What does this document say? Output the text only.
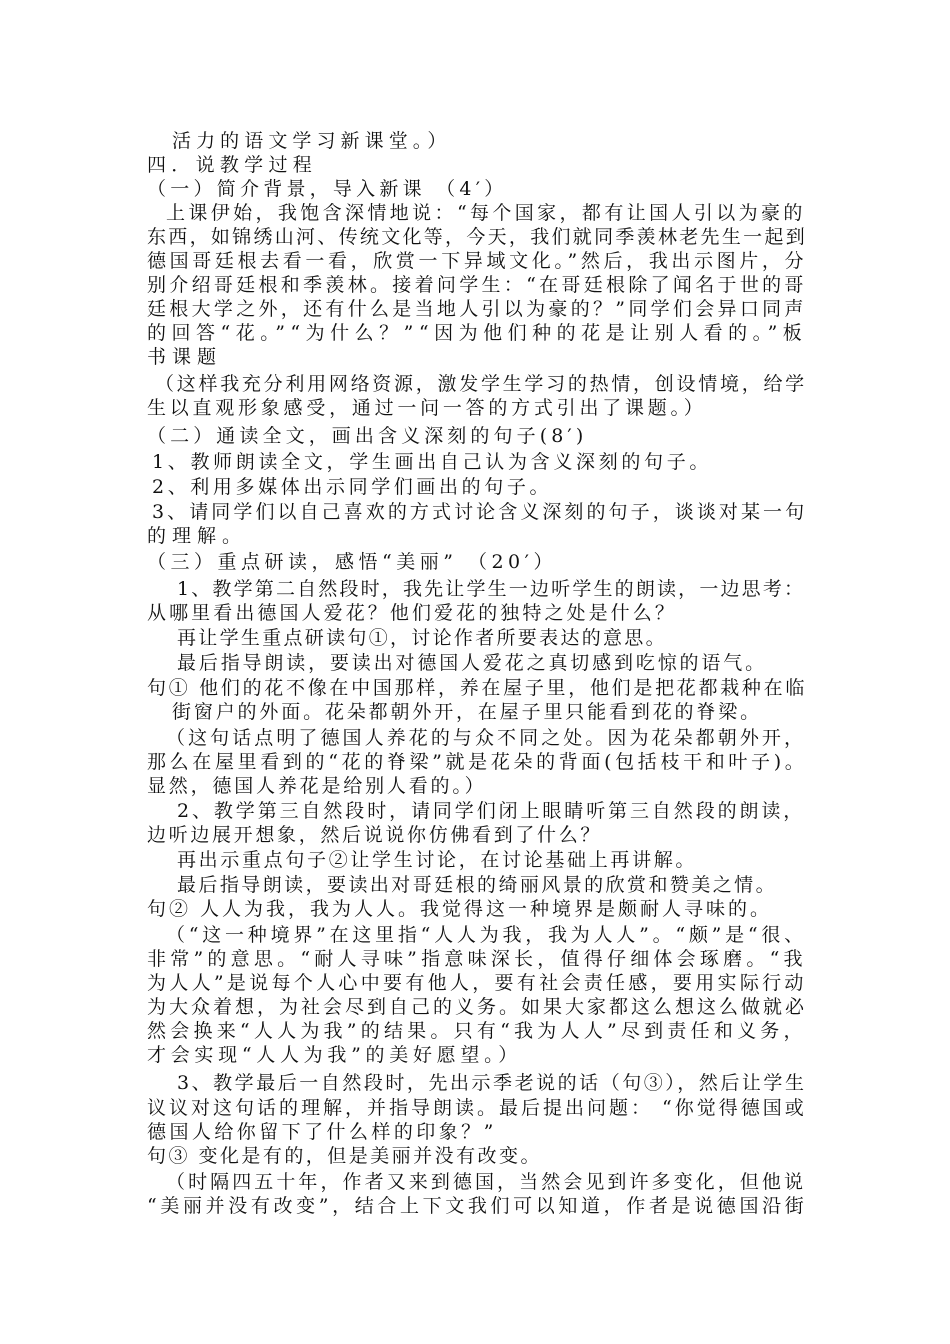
活力的语文学习新课堂。）
四．说教学过程
（一）简介背景，导入新课 （4′）
上课伊始，我饱含深情地说：“每个国家，都有让国人引以为豪的
东西，如锦绣山河、传统文化等，今天，我们就同季羡林老先生一起到
德国哥廷根去看一看，欣赏一下异域文化。”然后，我出示图片，分
别介绍哥廷根和季羡林。接着问学生：“在哥廷根除了闻名于世的哥
廷根大学之外，还有什么是当地人引以为豪的？”同学们会异口同声
的回答“花。”“为什么？”“因为他们种的花是让别人看的。”板
书课题
（这样我充分利用网络资源，激发学生学习的热情，创设情境，给学
生以直观形象感受，通过一问一答的方式引出了课题。）
（二）通读全文，画出含义深刻的句子(8′)
1、教师朗读全文，学生画出自己认为含义深刻的句子。
2、利用多媒体出示同学们画出的句子。
3、请同学们以自己喜欢的方式讨论含义深刻的句子，谈谈对某一句
的理解。
（三）重点研读，感悟“美丽” （20′）
1、教学第二自然段时，我先让学生一边听学生的朗读，一边思考：
从哪里看出德国人爱花？他们爱花的独特之处是什么？
再让学生重点研读句①，讨论作者所要表达的意思。
最后指导朗读，要读出对德国人爱花之真切感到吃惊的语气。
句① 他们的花不像在中国那样，养在屋子里，他们是把花都栽种在临
街窗户的外面。花朵都朝外开，在屋子里只能看到花的脊梁。
（这句话点明了德国人养花的与众不同之处。因为花朵都朝外开，
那么在屋里看到的“花的脊梁”就是花朵的背面(包括枝干和叶子)。
显然，德国人养花是给别人看的。）
2、教学第三自然段时，请同学们闭上眼睛听第三自然段的朗读，
边听边展开想象，然后说说你仿佛看到了什么？
再出示重点句子②让学生讨论，在讨论基础上再讲解。
最后指导朗读，要读出对哥廷根的绮丽风景的欣赏和赞美之情。
句② 人人为我，我为人人。我觉得这一种境界是颇耐人寻味的。
（“这一种境界”在这里指“人人为我，我为人人”。“颇”是“很、
非常”的意思。“耐人寻味”指意味深长，值得仔细体会琢磨。“我
为人人”是说每个人心中要有他人，要有社会责任感，要用实际行动
为大众着想，为社会尽到自己的义务。如果大家都这么想这么做就必
然会换来“人人为我”的结果。只有“我为人人”尽到责任和义务，
才会实现“人人为我”的美好愿望。）
3、教学最后一自然段时，先出示季老说的话（句③），然后让学生
议议对这句话的理解，并指导朗读。最后提出问题： “你觉得德国或
德国人给你留下了什么样的印象？”
句③ 变化是有的，但是美丽并没有改变。
（时隔四五十年，作者又来到德国，当然会见到许多变化，但他说
“美丽并没有改变”，结合上下文我们可以知道，作者是说德国沿街
